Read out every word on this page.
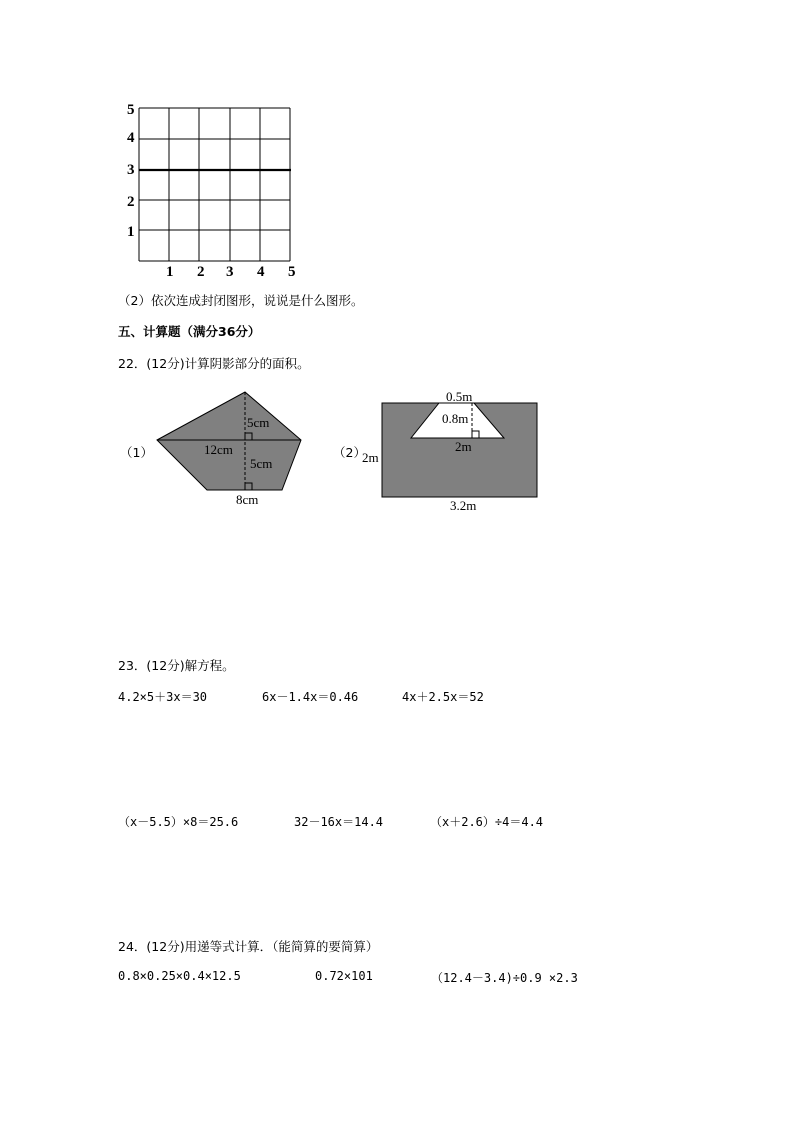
5
4
3
2
1
1 2 3 4 5
（2）依次连成封闭图形，说说是什么图形。
五、计算题（满分36分）
22．(12分)计算阴影部分的面积。
（1）
5cm
12cm
5cm
8cm
（2）
0.5m
0.8m
2m
2m
3.2m
23．(12分)解方程。
4.2×5＋3x＝30	6x－1.4x＝0.46	4x＋2.5x＝52
（x－5.5）×8＝25.6	32－16x＝14.4	（x＋2.6）÷4＝4.4
24．(12分)用递等式计算．（能简算的要简算）
0.8×0.25×0.4×12.5	0.72×101	（12.4－3.4)÷0.9 ×2.3
